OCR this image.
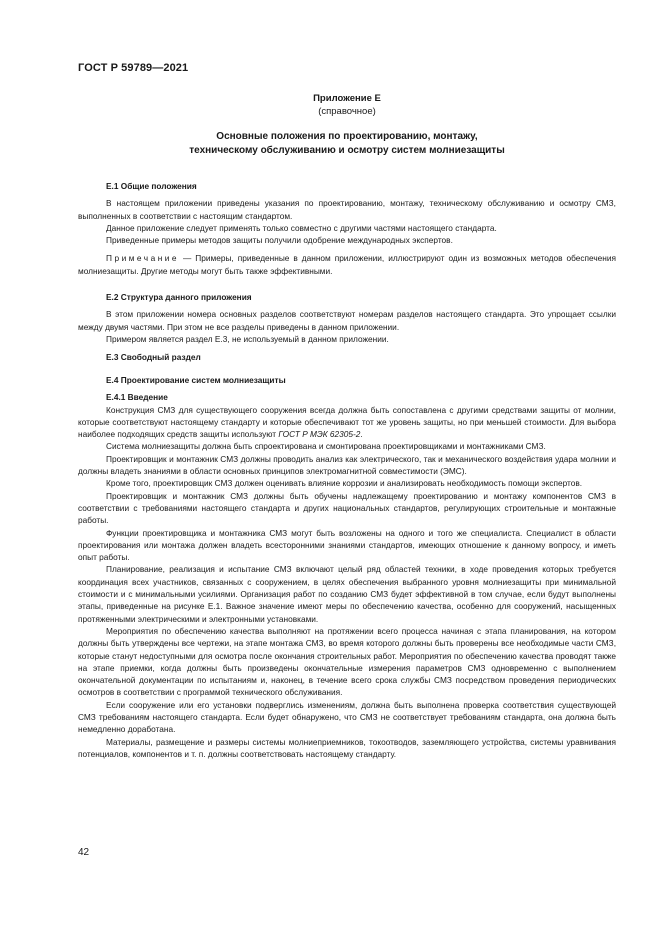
ГОСТ Р 59789—2021
Приложение Е
(справочное)
Основные положения по проектированию, монтажу,
техническому обслуживанию и осмотру систем молниезащиты

Е.1 Общие положения

В настоящем приложении приведены указания по проектированию, монтажу, техническому обслуживанию и осмотру СМЗ, выполненных в соответствии с настоящим стандартом.

Данное приложение следует применять только совместно с другими частями настоящего стандарта.

Приведенные примеры методов защиты получили одобрение международных экспертов.

Примечание — Примеры, приведенные в данном приложении, иллюстрируют один из возможных методов обеспечения молниезащиты. Другие методы могут быть также эффективными.

Е.2 Структура данного приложения

В этом приложении номера основных разделов соответствуют номерам разделов настоящего стандарта. Это упрощает ссылки между двумя частями. При этом не все разделы приведены в данном приложении.

Примером является раздел Е.3, не используемый в данном приложении.

Е.3 Свободный раздел

Е.4 Проектирование систем молниезащиты

Е.4.1 Введение

Конструкция СМЗ для существующего сооружения всегда должна быть сопоставлена с другими средствами защиты от молнии, которые соответствуют настоящему стандарту и которые обеспечивают тот же уровень защиты, но при меньшей стоимости. Для выбора наиболее подходящих средств защиты используют ГОСТ Р МЭК 62305-2.

Система молниезащиты должна быть спроектирована и смонтирована проектировщиками и монтажниками СМЗ.

Проектировщик и монтажник СМЗ должны проводить анализ как электрического, так и механического воздействия удара молнии и должны владеть знаниями в области основных принципов электромагнитной совместимости (ЭМС).

Кроме того, проектировщик СМЗ должен оценивать влияние коррозии и анализировать необходимость помощи экспертов.

Проектировщик и монтажник СМЗ должны быть обучены надлежащему проектированию и монтажу компонентов СМЗ в соответствии с требованиями настоящего стандарта и других национальных стандартов, регулирующих строительные и монтажные работы.

Функции проектировщика и монтажника СМЗ могут быть возложены на одного и того же специалиста. Специалист в области проектирования или монтажа должен владеть всесторонними знаниями стандартов, имеющих отношение к данному вопросу, и иметь опыт работы.

Планирование, реализация и испытание СМЗ включают целый ряд областей техники, в ходе проведения которых требуется координация всех участников, связанных с сооружением, в целях обеспечения выбранного уровня молниезащиты при минимальной стоимости и с минимальными усилиями. Организация работ по созданию СМЗ будет эффективной в том случае, если будут выполнены этапы, приведенные на рисунке Е.1. Важное значение имеют меры по обеспечению качества, особенно для сооружений, насыщенных протяженными электрическими и электронными установками.

Мероприятия по обеспечению качества выполняют на протяжении всего процесса начиная с этапа планирования, на котором должны быть утверждены все чертежи, на этапе монтажа СМЗ, во время которого должны быть проверены все необходимые части СМЗ, которые станут недоступными для осмотра после окончания строительных работ. Мероприятия по обеспечению качества проводят также на этапе приемки, когда должны быть произведены окончательные измерения параметров СМЗ одновременно с выполнением окончательной документации по испытаниям и, наконец, в течение всего срока службы СМЗ посредством проведения периодических осмотров в соответствии с программой технического обслуживания.

Если сооружение или его установки подверглись изменениям, должна быть выполнена проверка соответствия существующей СМЗ требованиям настоящего стандарта. Если будет обнаружено, что СМЗ не соответствует требованиям стандарта, она должна быть немедленно доработана.

Материалы, размещение и размеры системы молниеприемников, токоотводов, заземляющего устройства, системы уравнивания потенциалов, компонентов и т. п. должны соответствовать настоящему стандарту.

42
